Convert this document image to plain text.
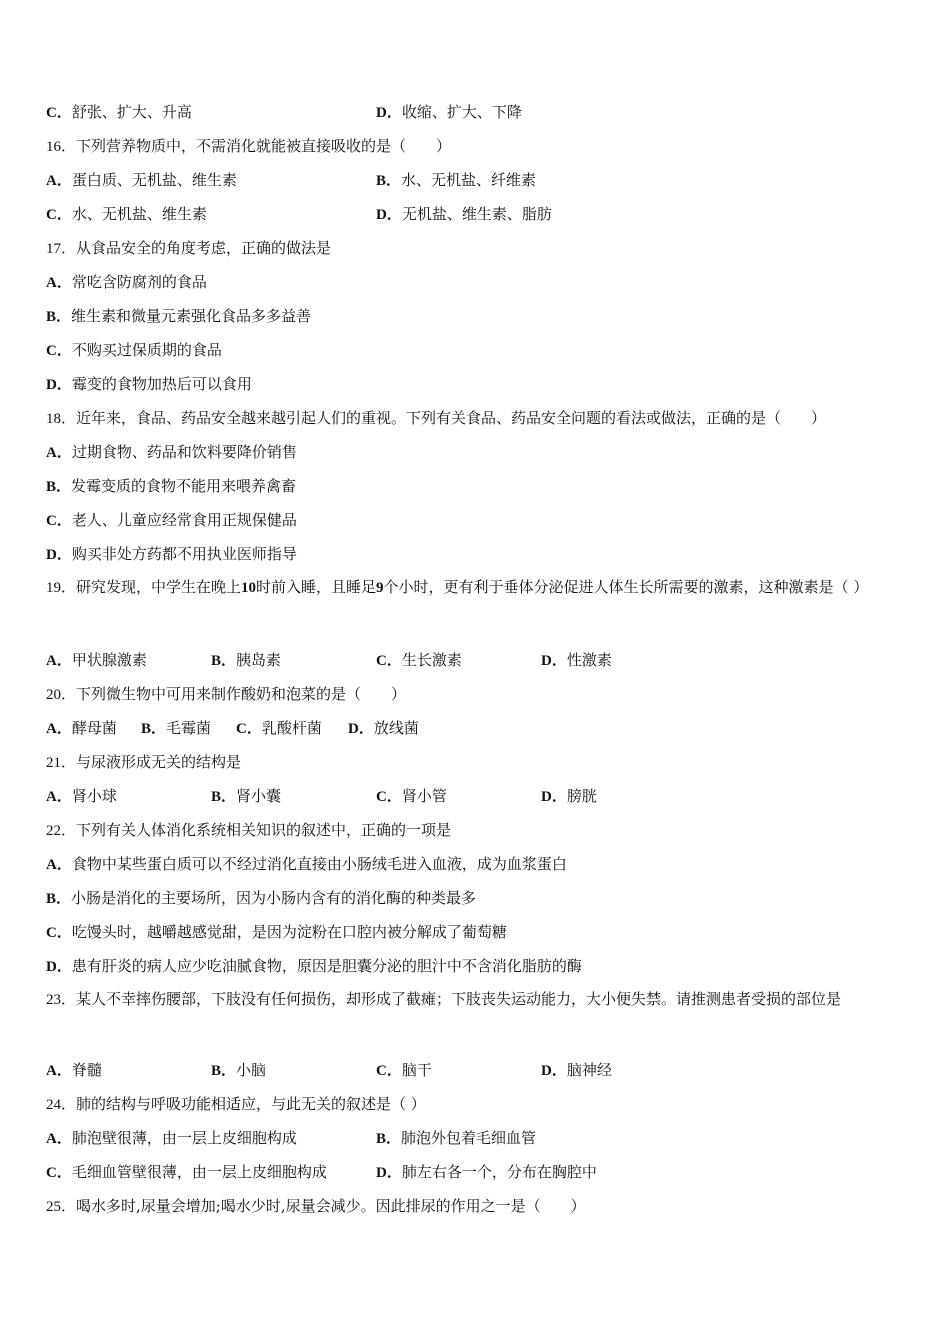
C．舒张、扩大、升高	D．收缩、扩大、下降
16．下列营养物质中，不需消化就能被直接吸收的是（　　）
A．蛋白质、无机盐、维生素	B．水、无机盐、纤维素
C．水、无机盐、维生素	D．无机盐、维生素、脂肪
17．从食品安全的角度考虑，正确的做法是
A．常吃含防腐剂的食品
B．维生素和微量元素强化食品多多益善
C．不购买过保质期的食品
D．霉变的食物加热后可以食用
18．近年来，食品、药品安全越来越引起人们的重视。下列有关食品、药品安全问题的看法或做法，正确的是（　　）
A．过期食物、药品和饮料要降价销售
B．发霉变质的食物不能用来喂养禽畜
C．老人、儿童应经常食用正规保健品
D．购买非处方药都不用执业医师指导
19．研究发现，中学生在晚上10时前入睡，且睡足9个小时，更有利于垂体分泌促进人体生长所需要的激素，这种激素是（ ）
A．甲状腺激素	B．胰岛素	C．生长激素	D．性激素
20．下列微生物中可用来制作酸奶和泡菜的是（　　）
A．酵母菌 B．毛霉菌 C．乳酸杆菌 D．放线菌
21．与尿液形成无关的结构是
A．肾小球	B．肾小囊	C．肾小管	D．膀胱
22．下列有关人体消化系统相关知识的叙述中，正确的一项是
A．食物中某些蛋白质可以不经过消化直接由小肠绒毛进入血液，成为血浆蛋白
B．小肠是消化的主要场所，因为小肠内含有的消化酶的种类最多
C．吃馒头时，越嚼越感觉甜，是因为淀粉在口腔内被分解成了葡萄糖
D．患有肝炎的病人应少吃油腻食物，原因是胆囊分泌的胆汁中不含消化脂肪的酶
23．某人不幸摔伤腰部，下肢没有任何损伤，却形成了截瘫；下肢丧失运动能力，大小便失禁。请推测患者受损的部位是
A．脊髓	B．小脑	C．脑干	D．脑神经
24．肺的结构与呼吸功能相适应，与此无关的叙述是（ ）
A．肺泡壁很薄，由一层上皮细胞构成	B．肺泡外包着毛细血管
C．毛细血管壁很薄，由一层上皮细胞构成	D．肺左右各一个，分布在胸腔中
25．喝水多时,尿量会增加;喝水少时,尿量会减少。因此排尿的作用之一是（　　）
